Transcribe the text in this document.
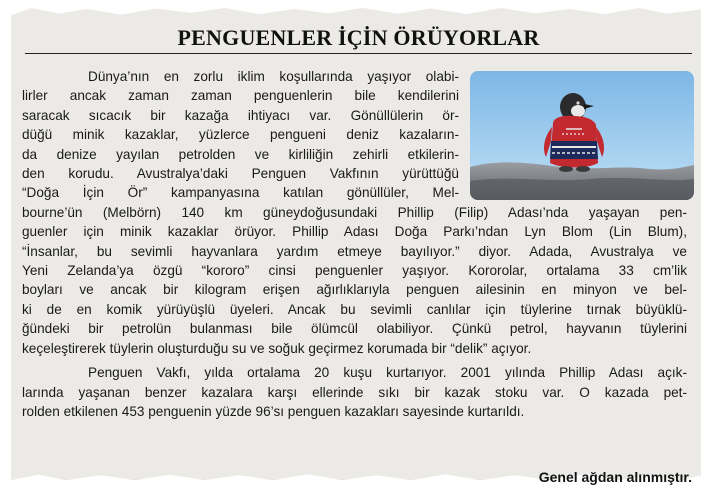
PENGUENLER İÇİN ÖRÜYORLAR
Dünya’nın en zorlu iklim koşullarında yaşıyor olabi-
lirler ancak zaman zaman penguenlerin bile kendilerini
saracak sıcacık bir kazağa ihtiyacı var. Gönüllülerin ör-
düğü minik kazaklar, yüzlerce pengueni deniz kazaların-
da denize yayılan petrolden ve kirliliğin zehirli etkilerin-
den korudu. Avustralya’daki Penguen Vakfının yürüttüğü
“Doğa İçin Ör” kampanyasına katılan gönüllüler, Mel-
bourne’ün (Melbörn) 140 km güneydoğusundaki Phillip (Filip) Adası’nda yaşayan pen-
guenler için minik kazaklar örüyor. Phillip Adası Doğa Parkı’ndan Lyn Blom (Lin Blum),
“İnsanlar, bu sevimli hayvanlara yardım etmeye bayılıyor.” diyor. Adada, Avustralya ve
Yeni Zelanda’ya özgü “kororo” cinsi penguenler yaşıyor. Kororolar, ortalama 33 cm’lik
boyları ve ancak bir kilogram erişen ağırlıklarıyla penguen ailesinin en minyon ve bel-
ki de en komik yürüyüşlü üyeleri. Ancak bu sevimli canlılar için tüylerine tırnak büyüklü-
ğündeki bir petrolün bulanması bile ölümcül olabiliyor. Çünkü petrol, hayvanın tüylerini
keçeleştirerek tüylerin oluşturduğu su ve soğuk geçirmez korumada bir “delik” açıyor.
Penguen Vakfı, yılda ortalama 20 kuşu kurtarıyor. 2001 yılında Phillip Adası açık-
larında yaşanan benzer kazalara karşı ellerinde sıkı bir kazak stoku var. O kazada pet-
rolden etkilenen 453 penguenin yüzde 96’sı penguen kazakları sayesinde kurtarıldı.
Genel ağdan alınmıştır.
